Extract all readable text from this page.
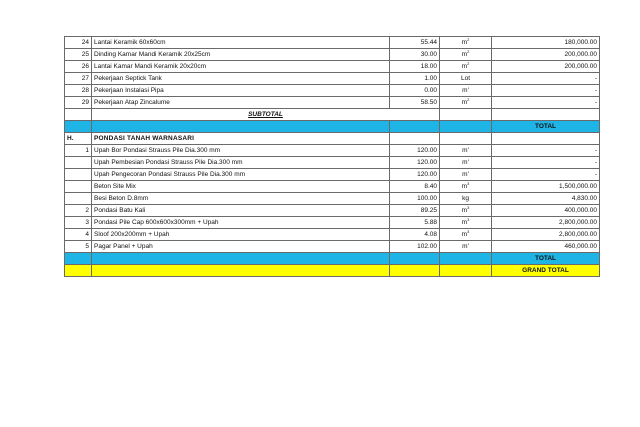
24	Lantai Keramik 60x60cm	55.44	$m^2$	180,000.00
25	Dinding Kamar Mandi Keramik 20x25cm	30.00	$m^2$	200,000.00
26	Lantai Kamar Mandi Keramik 20x20cm	18.00	$m^2$	200,000.00
27	Pekerjaan Septick Tank	1.00	Lot	-
28	Pekerjaan Instalasi Pipa	0.00	m'	-
29	Pekerjaan Atap Zincalume	58.50	$m^2$	-
	SUBTOTAL			
				TOTAL
H.	PONDASI TANAH WARNASARI			
1	Upah Bor Pondasi Strauss Pile Dia.300 mm	120.00	m'	-
	Upah Pembesian Pondasi Strauss Pile Dia.300 mm	120.00	m'	-
	Upah Pengecoran Pondasi Strauss Pile Dia.300 mm	120.00	m'	-
	Beton Site Mix	8.40	$m^3$	1,500,000.00
	Besi Beton D.8mm	100.00	kg	4,830.00
2	Pondasi Batu Kali	89.25	$m^3$	400,000.00
3	Pondasi Pile Cap 600x600x300mm + Upah	5.88	$m^3$	2,800,000.00
4	Sloof 200x200mm + Upah	4.08	$m^3$	2,800,000.00
5	Pagar Panel + Upah	102.00	m'	460,000.00
				TOTAL
				GRAND TOTAL
